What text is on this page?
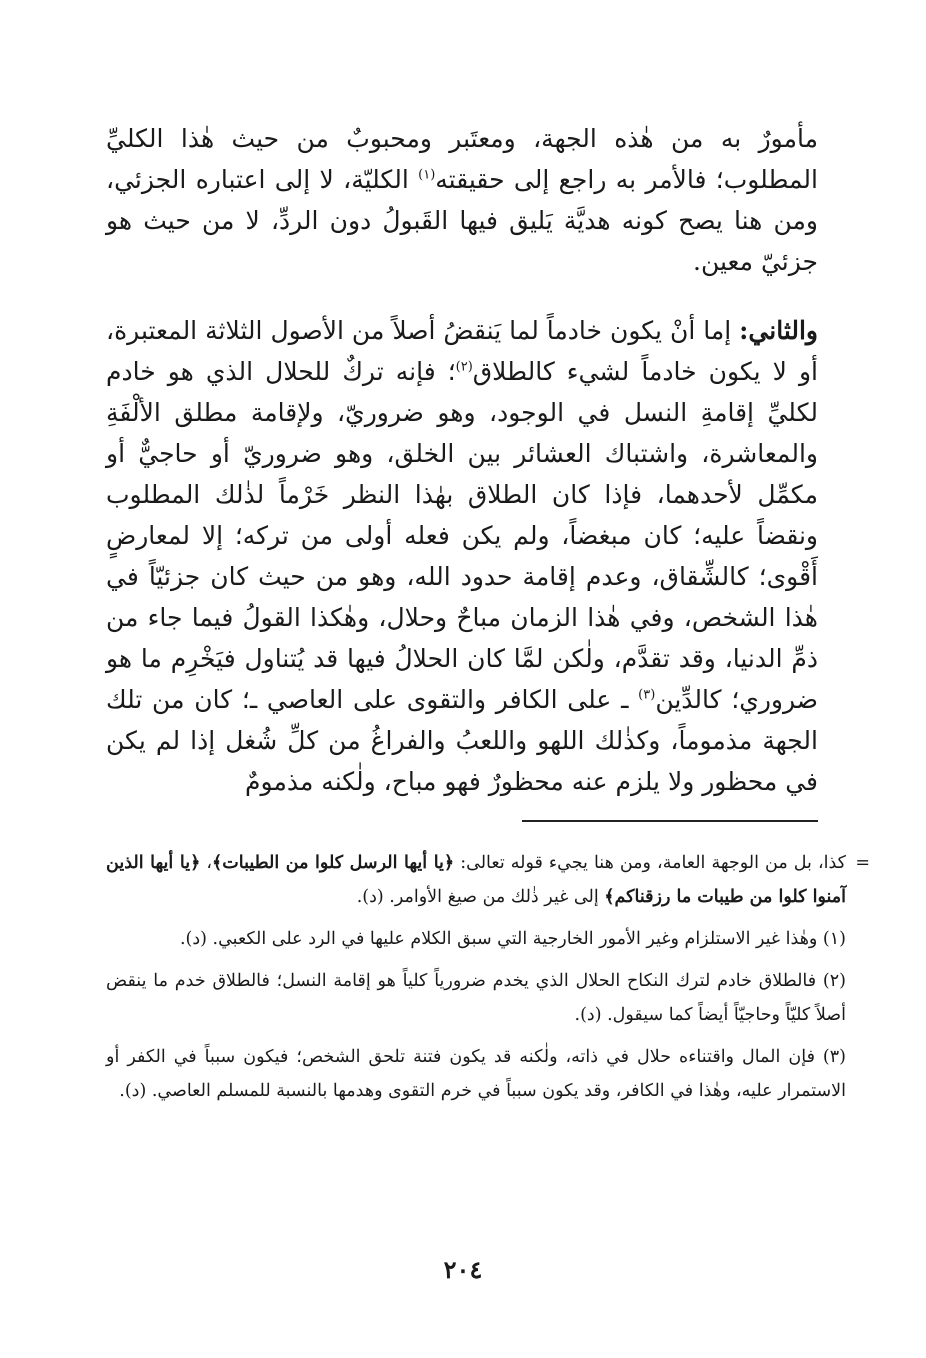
مأمورٌ به من هٰذه الجهة، ومعتَبر ومحبوبٌ من حيث هٰذا الكليِّ المطلوب؛ فالأمر به راجع إلى حقيقته$^{(١)}$ الكليّة، لا إلى اعتباره الجزئي، ومن هنا يصح كونه هديَّة يَليق فيها القَبولُ دون الردِّ، لا من حيث هو جزئيّ معين.

والثاني: إما أنْ يكون خادماً لما يَنقضُ أصلاً من الأصول الثلاثة المعتبرة، أو لا يكون خادماً لشيء كالطلاق$^{(٢)}$؛ فإنه تركٌ للحلال الذي هو خادم لكليِّ إقامةِ النسل في الوجود، وهو ضروريّ، ولإقامة مطلق الألْفَةِ والمعاشرة، واشتباك العشائر بين الخلق، وهو ضروريّ أو حاجيٌّ أو مكمِّل لأحدهما، فإذا كان الطلاق بهٰذا النظر خَرْماً لذٰلك المطلوب ونقضاً عليه؛ كان مبغضاً، ولم يكن فعله أولى من تركه؛ إلا لمعارضٍ أَقْوى؛ كالشِّقاق، وعدم إقامة حدود الله، وهو من حيث كان جزئيّاً في هٰذا الشخص، وفي هٰذا الزمان مباحٌ وحلال، وهٰكذا القولُ فيما جاء من ذمِّ الدنيا، وقد تقدَّم، ولٰكن لمَّا كان الحلالُ فيها قد يُتناول فيَخْرِم ما هو ضروري؛ كالدِّين$^{(٣)}$ ـ على الكافر والتقوى على العاصي ـ؛ كان من تلك الجهة مذموماً، وكذٰلك اللهو واللعبُ والفراغُ من كلِّ شُغل إذا لم يكن في محظور ولا يلزم عنه محظورٌ فهو مباح، ولٰكنه مذمومٌ

=
كذا، بل من الوجهة العامة، ومن هنا يجيء قوله تعالى: ﴿يا أيها الرسل كلوا من الطيبات﴾، ﴿يا أيها الذين آمنوا كلوا من طيبات ما رزقناكم﴾ إلى غير ذٰلك من صيغ الأوامر. (د).

(١) وهٰذا غير الاستلزام وغير الأمور الخارجية التي سبق الكلام عليها في الرد على الكعبي. (د).

(٢) فالطلاق خادم لترك النكاح الحلال الذي يخدم ضرورياً كلياً هو إقامة النسل؛ فالطلاق خدم ما ينقض أصلاً كليّاً وحاجيّاً أيضاً كما سيقول. (د).

(٣) فإن المال واقتناءه حلال في ذاته، ولٰكنه قد يكون فتنة تلحق الشخص؛ فيكون سبباً في الكفر أو الاستمرار عليه، وهٰذا في الكافر، وقد يكون سبباً في خرم التقوى وهدمها بالنسبة للمسلم العاصي. (د).

٢٠٤
